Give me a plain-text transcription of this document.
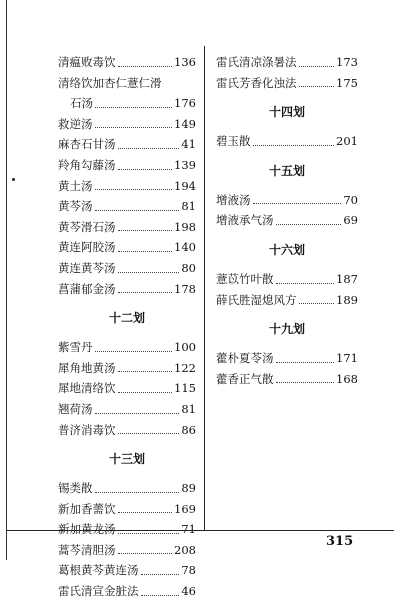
清瘟败毒饮	136
清络饮加杏仁薏仁滑
石汤	176
救逆汤	149
麻杏石甘汤	41
羚角勾藤汤	139
黄土汤	194
黄芩汤	81
黄芩滑石汤	198
黄连阿胶汤	140
黄连黄芩汤	80
菖蒲郁金汤	178
十二划
紫雪丹	100
犀角地黄汤	122
犀地清络饮	115
翘荷汤	81
普济消毒饮	86
十三划
锡类散	89
新加香薷饮	169
新加黄龙汤	71
蒿芩清胆汤	208
葛根黄芩黄连汤	78
雷氏清宣金脏法	46
雷氏清凉涤暑法	173
雷氏芳香化浊法	175
十四划
碧玉散	201
十五划
增液汤	70
增液承气汤	69
十六划
薏苡竹叶散	187
薛氏胜湿熄风方	189
十九划
藿朴夏苓汤	171
藿香正气散	168
315
